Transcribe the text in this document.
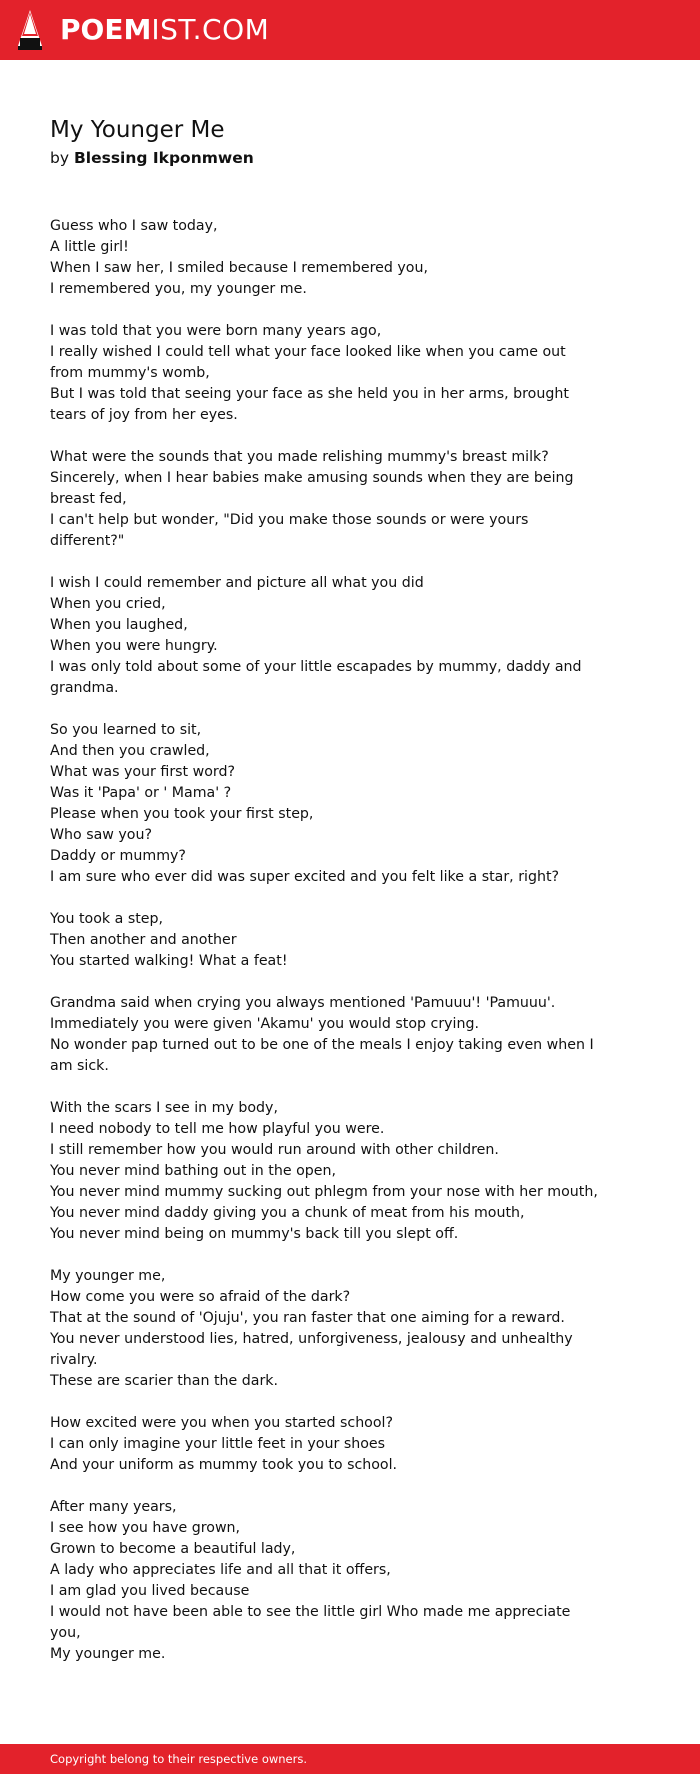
POEMIST.COM
My Younger Me
by Blessing Ikponmwen

Guess who I saw today,
A little girl!
When I saw her, I smiled because I remembered you,
I remembered you, my younger me.

I was told that you were born many years ago,
I really wished I could tell what your face looked like when you came out
from mummy's womb,
But I was told that seeing your face as she held you in her arms, brought
tears of joy from her eyes.

What were the sounds that you made relishing mummy's breast milk?
Sincerely, when I hear babies make amusing sounds when they are being
breast fed,
I can't help but wonder, "Did you make those sounds or were yours
different?"

I wish I could remember and picture all what you did
When you cried,
When you laughed,
When you were hungry.
I was only told about some of your little escapades by mummy, daddy and
grandma.

So you learned to sit,
And then you crawled,
What was your first word?
Was it 'Papa' or ' Mama' ?
Please when you took your first step,
Who saw you?
Daddy or mummy?
I am sure who ever did was super excited and you felt like a star, right?

You took a step,
Then another and another
You started walking! What a feat!

Grandma said when crying you always mentioned 'Pamuuu'! 'Pamuuu'.
Immediately you were given 'Akamu' you would stop crying.
No wonder pap turned out to be one of the meals I enjoy taking even when I
am sick.

With the scars I see in my body,
I need nobody to tell me how playful you were.
I still remember how you would run around with other children.
You never mind bathing out in the open,
You never mind mummy sucking out phlegm from your nose with her mouth,
You never mind daddy giving you a chunk of meat from his mouth,
You never mind being on mummy's back till you slept off.

My younger me,
How come you were so afraid of the dark?
That at the sound of 'Ojuju', you ran faster that one aiming for a reward.
You never understood lies, hatred, unforgiveness, jealousy and unhealthy
rivalry.
These are scarier than the dark.

How excited were you when you started school?
I can only imagine your little feet in your shoes
And your uniform as mummy took you to school.

After many years,
I see how you have grown,
Grown to become a beautiful lady,
A lady who appreciates life and all that it offers,
I am glad you lived because
I would not have been able to see the little girl Who made me appreciate
you,
My younger me.

Copyright belong to their respective owners.
